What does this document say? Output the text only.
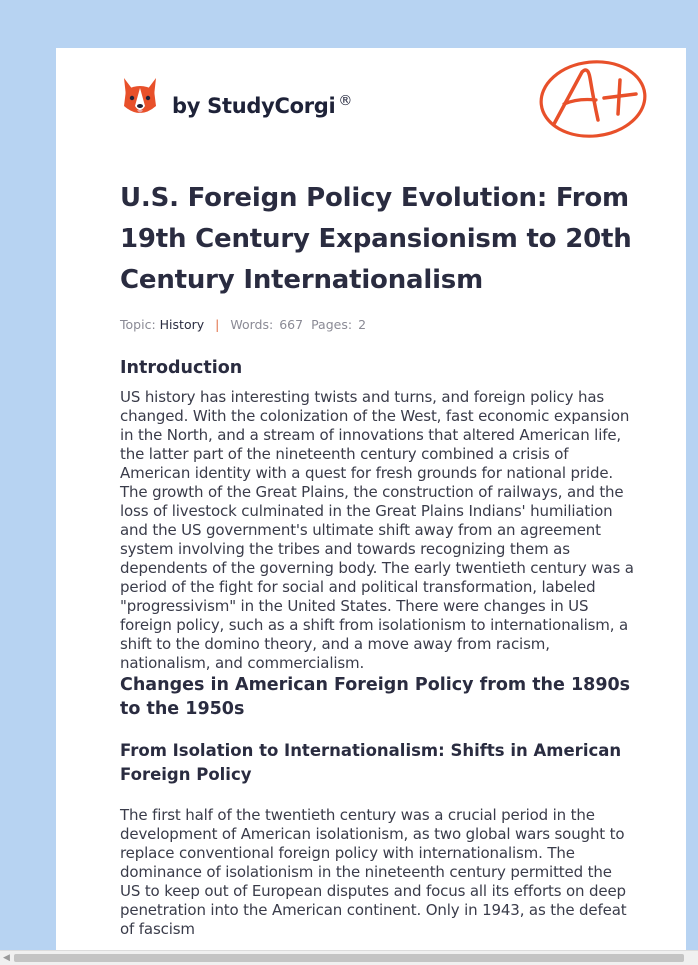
by StudyCorgi ®
U.S. Foreign Policy Evolution: From 19th Century Expansionism to 20th Century Internationalism
Topic: History | Words: 667 Pages: 2
Introduction

US history has interesting twists and turns, and foreign policy has changed. With the colonization of the West, fast economic expansion in the North, and a stream of innovations that altered American life, the latter part of the nineteenth century combined a crisis of American identity with a quest for fresh grounds for national pride. The growth of the Great Plains, the construction of railways, and the loss of livestock culminated in the Great Plains Indians' humiliation and the US government's ultimate shift away from an agreement system involving the tribes and towards recognizing them as dependents of the governing body. The early twentieth century was a period of the fight for social and political transformation, labeled "progressivism" in the United States. There were changes in US foreign policy, such as a shift from isolationism to internationalism, a shift to the domino theory, and a move away from racism, nationalism, and commercialism.

Changes in American Foreign Policy from the 1890s to the 1950s
From Isolation to Internationalism: Shifts in American Foreign Policy

The first half of the twentieth century was a crucial period in the development of American isolationism, as two global wars sought to replace conventional foreign policy with internationalism. The dominance of isolationism in the nineteenth century permitted the US to keep out of European disputes and focus all its efforts on deep penetration into the American continent. Only in 1943, as the defeat of fascism

◀
